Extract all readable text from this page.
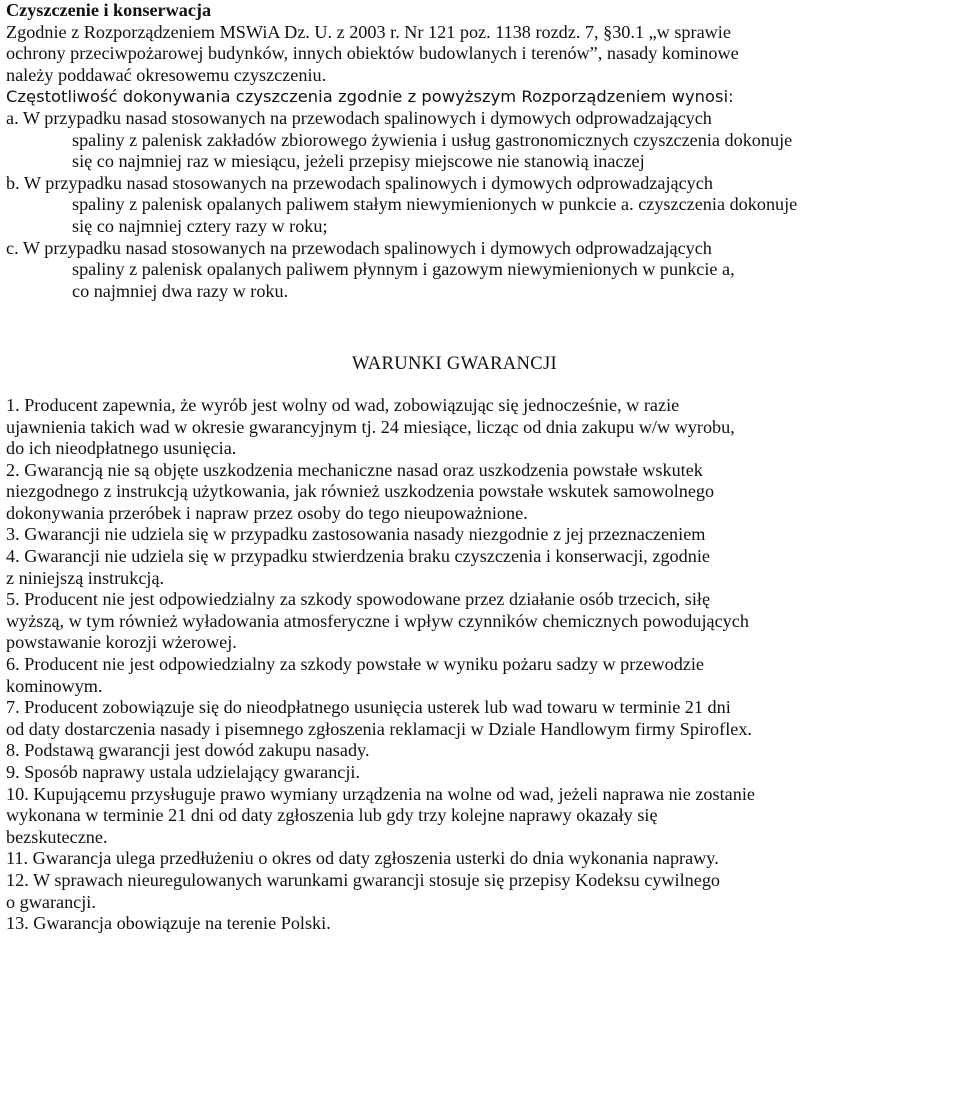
Czyszczenie i konserwacja
Zgodnie z Rozporządzeniem MSWiA Dz. U. z 2003 r. Nr 121 poz. 1138 rozdz. 7, §30.1 „w sprawie
ochrony przeciwpożarowej budynków, innych obiektów budowlanych i terenów”, nasady kominowe
należy poddawać okresowemu czyszczeniu.
Częstotliwość dokonywania czyszczenia zgodnie z powyższym Rozporządzeniem wynosi:
a. W przypadku nasad stosowanych na przewodach spalinowych i dymowych odprowadzających
spaliny z palenisk zakładów zbiorowego żywienia i usług gastronomicznych czyszczenia dokonuje
się co najmniej raz w miesiącu, jeżeli przepisy miejscowe nie stanowią inaczej
b. W przypadku nasad stosowanych na przewodach spalinowych i dymowych odprowadzających
spaliny z palenisk opalanych paliwem stałym niewymienionych w punkcie a. czyszczenia dokonuje
się co najmniej cztery razy w roku;
c. W przypadku nasad stosowanych na przewodach spalinowych i dymowych odprowadzających
spaliny z palenisk opalanych paliwem płynnym i gazowym niewymienionych w punkcie a,
co najmniej dwa razy w roku.
WARUNKI GWARANCJI
1. Producent zapewnia, że wyrób jest wolny od wad, zobowiązując się jednocześnie, w razie
ujawnienia takich wad w okresie gwarancyjnym tj. 24 miesiące, licząc od dnia zakupu w/w wyrobu,
do ich nieodpłatnego usunięcia.
2. Gwarancją nie są objęte uszkodzenia mechaniczne nasad oraz uszkodzenia powstałe wskutek
niezgodnego z instrukcją użytkowania, jak również uszkodzenia powstałe wskutek samowolnego
dokonywania przeróbek i napraw przez osoby do tego nieupoważnione.
3. Gwarancji nie udziela się w przypadku zastosowania nasady niezgodnie z jej przeznaczeniem
4. Gwarancji nie udziela się w przypadku stwierdzenia braku czyszczenia i konserwacji, zgodnie
z niniejszą instrukcją.
5. Producent nie jest odpowiedzialny za szkody spowodowane przez działanie osób trzecich, siłę
wyższą, w tym również wyładowania atmosferyczne i wpływ czynników chemicznych powodujących
powstawanie korozji wżerowej.
6. Producent nie jest odpowiedzialny za szkody powstałe w wyniku pożaru sadzy w przewodzie
kominowym.
7. Producent zobowiązuje się do nieodpłatnego usunięcia usterek lub wad towaru w terminie 21 dni
od daty dostarczenia nasady i pisemnego zgłoszenia reklamacji w Dziale Handlowym firmy Spiroflex.
8. Podstawą gwarancji jest dowód zakupu nasady.
9. Sposób naprawy ustala udzielający gwarancji.
10. Kupującemu przysługuje prawo wymiany urządzenia na wolne od wad, jeżeli naprawa nie zostanie
wykonana w terminie 21 dni od daty zgłoszenia lub gdy trzy kolejne naprawy okazały się
bezskuteczne.
11. Gwarancja ulega przedłużeniu o okres od daty zgłoszenia usterki do dnia wykonania naprawy.
12. W sprawach nieuregulowanych warunkami gwarancji stosuje się przepisy Kodeksu cywilnego
o gwarancji.
13. Gwarancja obowiązuje na terenie Polski.
